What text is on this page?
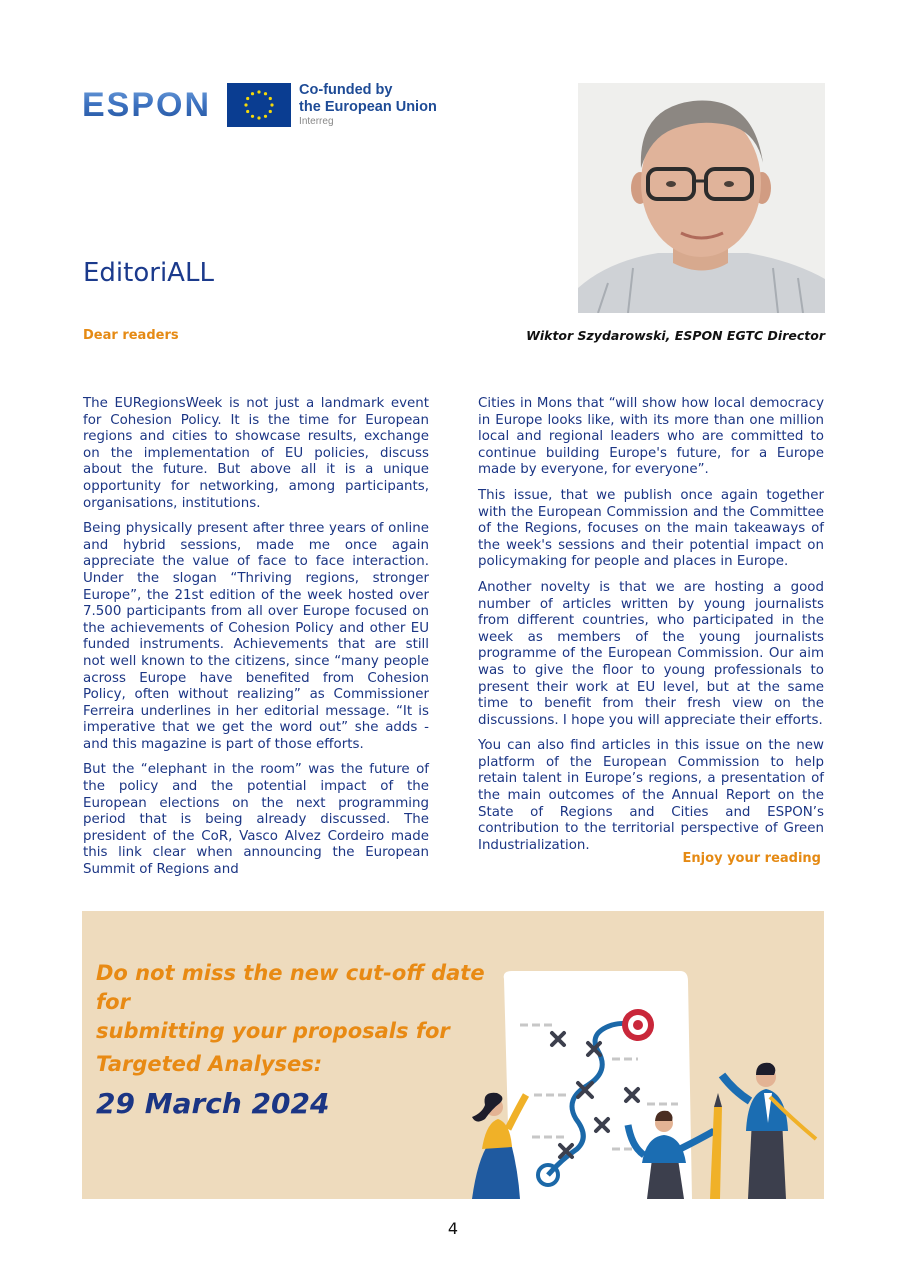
ESPON	Co-funded by
the European Union
Interreg
EditoriALL
Dear readers	Wiktor Szydarowski, ESPON EGTC Director

The EURegionsWeek is not just a landmark event for Cohesion Policy. It is the time for European regions and cities to showcase results, exchange on the implementation of EU policies, discuss about the future. But above all it is a unique opportunity for networking, among participants, organisations, institutions.

Being physically present after three years of online and hybrid sessions, made me once again appreciate the value of face to face interaction. Under the slogan “Thriving regions, stronger Europe”, the 21st edition of the week hosted over 7.500 participants from all over Europe focused on the achievements of Cohesion Policy and other EU funded instruments. Achievements that are still not well known to the citizens, since “many people across Europe have benefited from Cohesion Policy, often without realizing” as Commissioner Ferreira underlines in her editorial message. “It is imperative that we get the word out” she adds -and this magazine is part of those efforts.

But the “elephant in the room” was the future of the policy and the potential impact of the European elections on the next programming period that is being already discussed. The president of the CoR, Vasco Alvez Cordeiro made this link clear when announcing the European Summit of Regions and

Cities in Mons that “will show how local democracy in Europe looks like, with its more than one million local and regional leaders who are committed to continue building Europe's future, for a Europe made by everyone, for everyone”.

This issue, that we publish once again together with the European Commission and the Committee of the Regions, focuses on the main takeaways of the week's sessions and their potential impact on policymaking for people and places in Europe.

Another novelty is that we are hosting a good number of articles written by young journalists from different countries, who participated in the week as members of the young journalists programme of the European Commission. Our aim was to give the floor to young professionals to present their work at EU level, but at the same time to benefit from their fresh view on the discussions. I hope you will appreciate their efforts.

You can also find articles in this issue on the new platform of the European Commission to help retain talent in Europe’s regions, a presentation of the main outcomes of the Annual Report on the State of Regions and Cities and ESPON’s contribution to the territorial perspective of Green Industrialization.

Enjoy your reading
Do not miss the new cut-off date for
submitting your proposals for
Targeted Analyses:
29 March 2024
4
